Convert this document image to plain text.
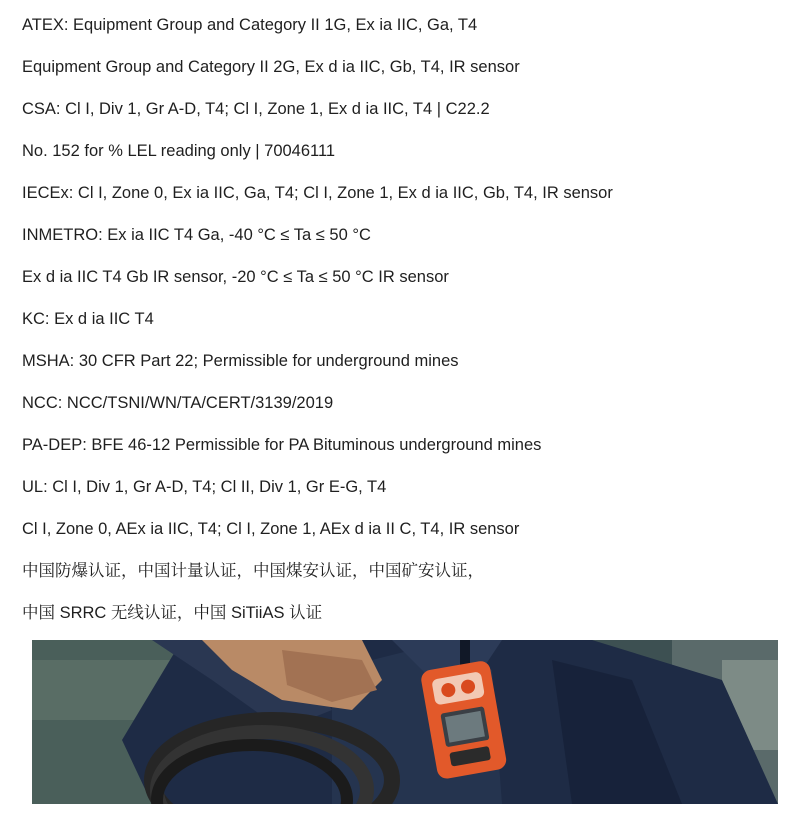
ATEX: Equipment Group and Category II 1G, Ex ia IIC, Ga, T4
Equipment Group and Category II 2G, Ex d ia IIC, Gb, T4, IR sensor
CSA: Cl I, Div 1, Gr A-D, T4; Cl I, Zone 1, Ex d ia IIC, T4 | C22.2
No. 152 for % LEL reading only | 70046111
IECEx: Cl I, Zone 0, Ex ia IIC, Ga, T4; Cl I, Zone 1, Ex d ia IIC, Gb, T4, IR sensor
INMETRO: Ex ia IIC T4 Ga, -40 °C ≤ Ta ≤ 50 °C
Ex d ia IIC T4 Gb IR sensor, -20 °C ≤ Ta ≤ 50 °C IR sensor
KC: Ex d ia IIC T4
MSHA: 30 CFR Part 22; Permissible for underground mines
NCC: NCC/TSNI/WN/TA/CERT/3139/2019
PA-DEP: BFE 46-12 Permissible for PA Bituminous underground mines
UL: Cl I, Div 1, Gr A-D, T4; Cl II, Div 1, Gr E-G, T4
Cl I, Zone 0, AEx ia IIC, T4; Cl I, Zone 1, AEx d ia II C, T4, IR sensor
中国防爆认证，中国计量认证，中国煤安认证，中国矿安认证，
中国 SRRC 无线认证，中国 SiTiiAS 认证
